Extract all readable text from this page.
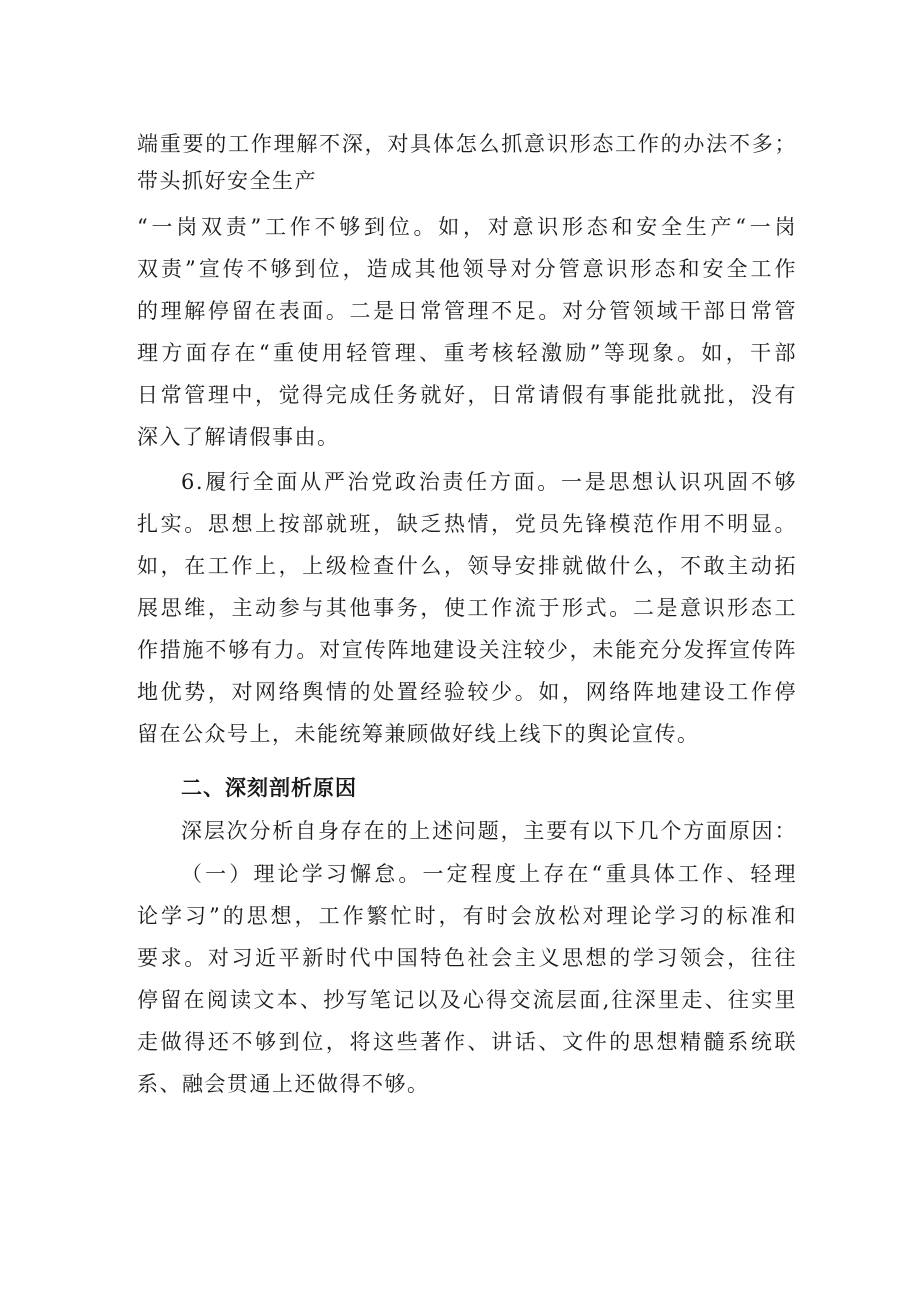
端重要的工作理解不深，对具体怎么抓意识形态工作的办法不多；
带头抓好安全生产
“一岗双责”工作不够到位。如，对意识形态和安全生产“一岗
双责”宣传不够到位，造成其他领导对分管意识形态和安全工作
的理解停留在表面。二是日常管理不足。对分管领域干部日常管
理方面存在“重使用轻管理、重考核轻激励”等现象。如，干部
日常管理中，觉得完成任务就好，日常请假有事能批就批，没有
深入了解请假事由。
6.履行全面从严治党政治责任方面。一是思想认识巩固不够
扎实。思想上按部就班，缺乏热情，党员先锋模范作用不明显。
如，在工作上，上级检查什么，领导安排就做什么，不敢主动拓
展思维，主动参与其他事务，使工作流于形式。二是意识形态工
作措施不够有力。对宣传阵地建设关注较少，未能充分发挥宣传阵
地优势，对网络舆情的处置经验较少。如，网络阵地建设工作停
留在公众号上，未能统筹兼顾做好线上线下的舆论宣传。
二、深刻剖析原因
深层次分析自身存在的上述问题，主要有以下几个方面原因：
（一）理论学习懈怠。一定程度上存在“重具体工作、轻理
论学习”的思想，工作繁忙时，有时会放松对理论学习的标准和
要求。对习近平新时代中国特色社会主义思想的学习领会，往往
停留在阅读文本、抄写笔记以及心得交流层面,往深里走、往实里
走做得还不够到位，将这些著作、讲话、文件的思想精髓系统联
系、融会贯通上还做得不够。
